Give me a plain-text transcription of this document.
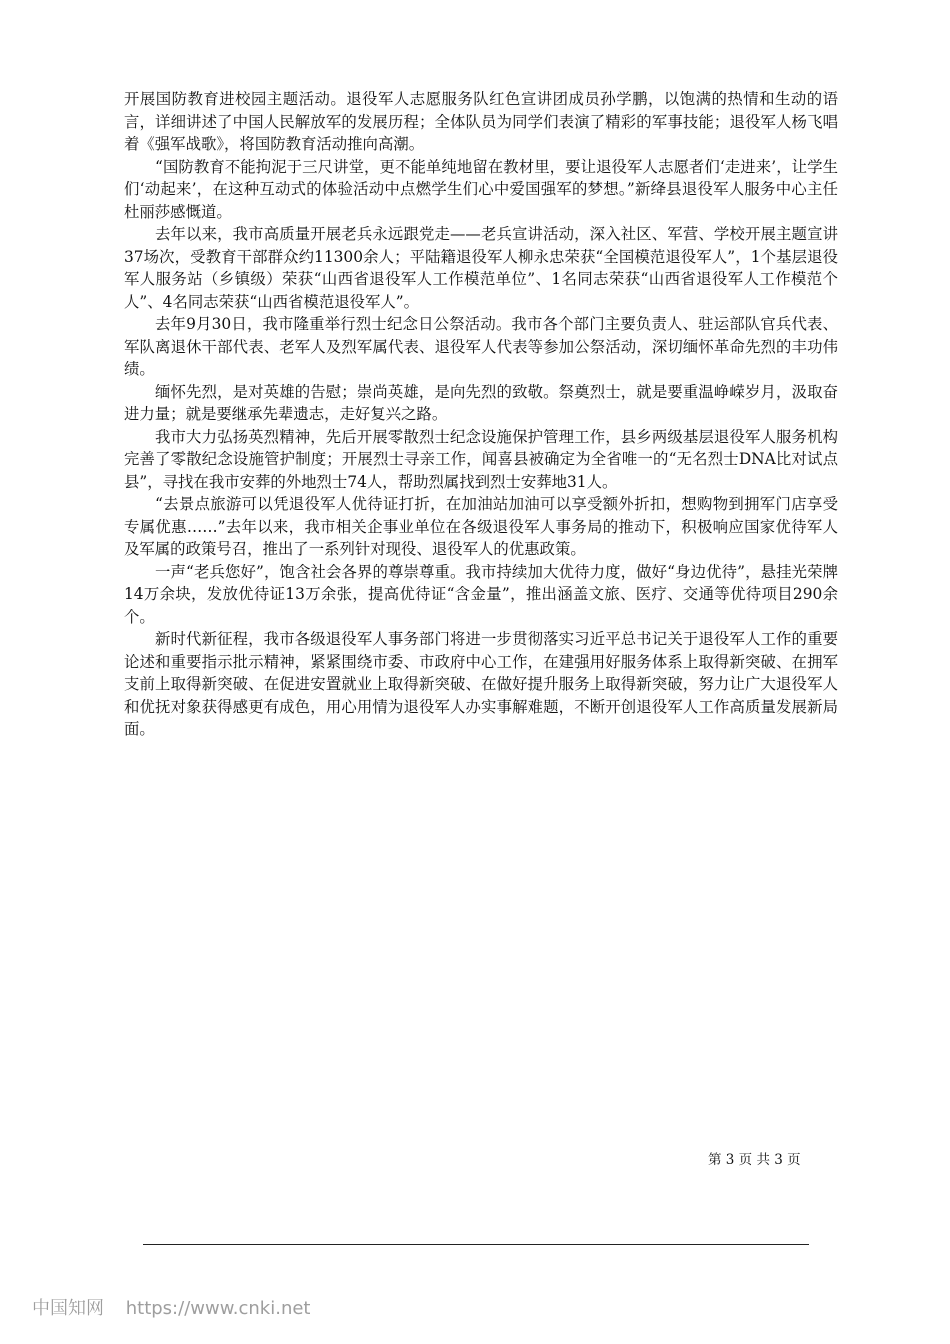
开展国防教育进校园主题活动。退役军人志愿服务队红色宣讲团成员孙学鹏，以饱满的热情和生动的语言，详细讲述了中国人民解放军的发展历程；全体队员为同学们表演了精彩的军事技能；退役军人杨飞唱着《强军战歌》，将国防教育活动推向高潮。

“国防教育不能拘泥于三尺讲堂，更不能单纯地留在教材里，要让退役军人志愿者们‘走进来’，让学生们‘动起来’，在这种互动式的体验活动中点燃学生们心中爱国强军的梦想。”新绛县退役军人服务中心主任杜丽莎感慨道。

去年以来，我市高质量开展老兵永远跟党走——老兵宣讲活动，深入社区、军营、学校开展主题宣讲37场次，受教育干部群众约11300余人；平陆籍退役军人柳永忠荣获“全国模范退役军人”，1个基层退役军人服务站（乡镇级）荣获“山西省退役军人工作模范单位”、1名同志荣获“山西省退役军人工作模范个人”、4名同志荣获“山西省模范退役军人”。

去年9月30日，我市隆重举行烈士纪念日公祭活动。我市各个部门主要负责人、驻运部队官兵代表、军队离退休干部代表、老军人及烈军属代表、退役军人代表等参加公祭活动，深切缅怀革命先烈的丰功伟绩。

缅怀先烈，是对英雄的告慰；崇尚英雄，是向先烈的致敬。祭奠烈士，就是要重温峥嵘岁月，汲取奋进力量；就是要继承先辈遗志，走好复兴之路。

我市大力弘扬英烈精神，先后开展零散烈士纪念设施保护管理工作，县乡两级基层退役军人服务机构完善了零散纪念设施管护制度；开展烈士寻亲工作，闻喜县被确定为全省唯一的“无名烈士DNA比对试点县”，寻找在我市安葬的外地烈士74人，帮助烈属找到烈士安葬地31人。

“去景点旅游可以凭退役军人优待证打折，在加油站加油可以享受额外折扣，想购物到拥军门店享受专属优惠……”去年以来，我市相关企事业单位在各级退役军人事务局的推动下，积极响应国家优待军人及军属的政策号召，推出了一系列针对现役、退役军人的优惠政策。

一声“老兵您好”，饱含社会各界的尊崇尊重。我市持续加大优待力度，做好“身边优待”，悬挂光荣牌14万余块，发放优待证13万余张，提高优待证“含金量”，推出涵盖文旅、医疗、交通等优待项目290余个。

新时代新征程，我市各级退役军人事务部门将进一步贯彻落实习近平总书记关于退役军人工作的重要论述和重要指示批示精神，紧紧围绕市委、市政府中心工作，在建强用好服务体系上取得新突破、在拥军支前上取得新突破、在促进安置就业上取得新突破、在做好提升服务上取得新突破，努力让广大退役军人和优抚对象获得感更有成色，用心用情为退役军人办实事解难题，不断开创退役军人工作高质量发展新局面。

第 3 页 共 3 页
中国知网 https://www.cnki.net
